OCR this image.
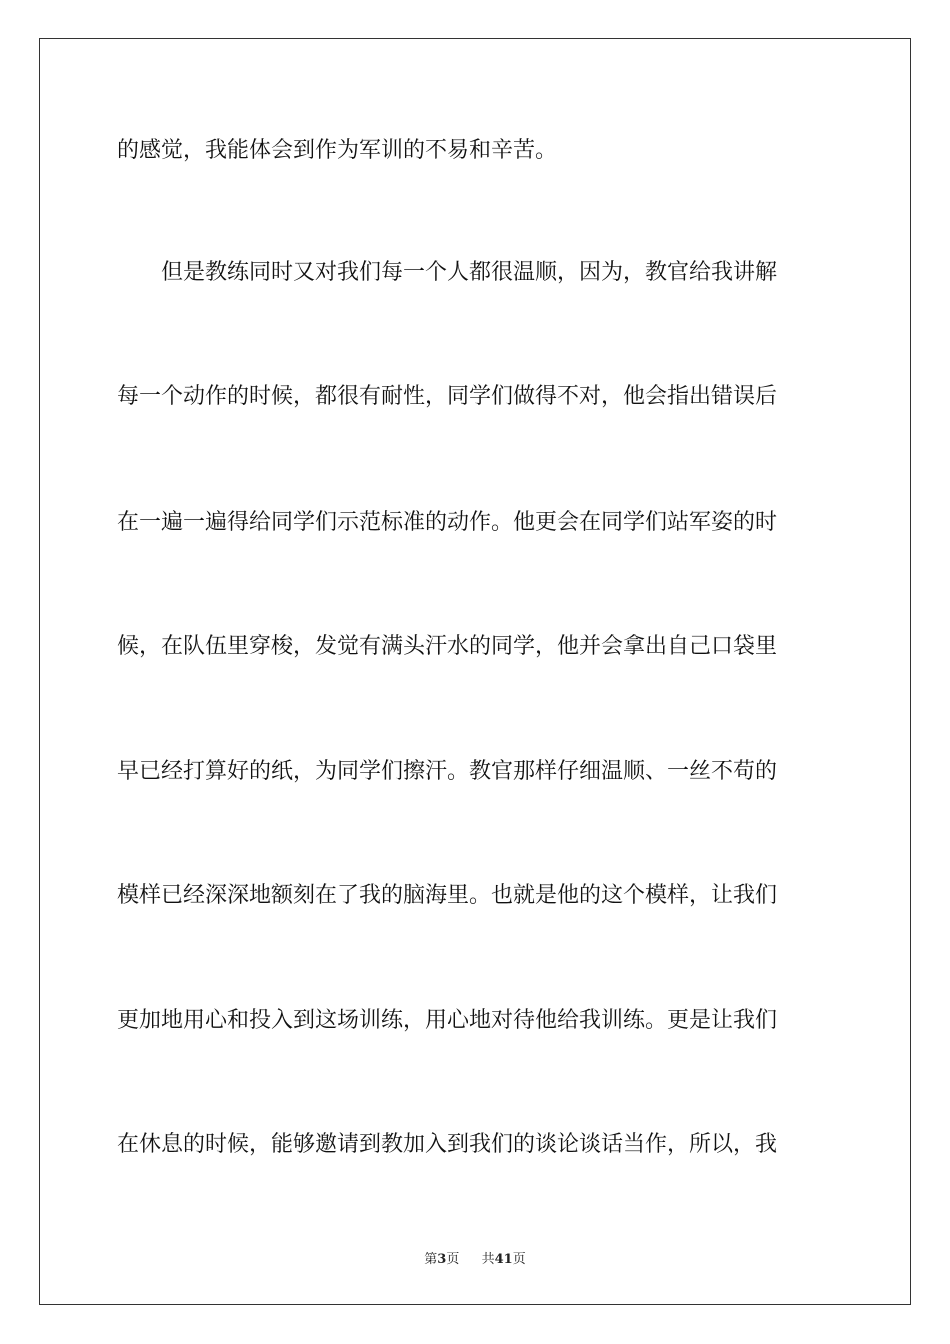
的感觉，我能体会到作为军训的不易和辛苦。
　　但是教练同时又对我们每一个人都很温顺，因为，教官给我讲解
每一个动作的时候，都很有耐性，同学们做得不对，他会指出错误后
在一遍一遍得给同学们示范标准的动作。他更会在同学们站军姿的时
候，在队伍里穿梭，发觉有满头汗水的同学，他并会拿出自己口袋里
早已经打算好的纸，为同学们擦汗。教官那样仔细温顺、一丝不苟的
模样已经深深地额刻在了我的脑海里。也就是他的这个模样，让我们
更加地用心和投入到这场训练，用心地对待他给我训练。更是让我们
在休息的时候，能够邀请到教加入到我们的谈论谈话当作，所以，我
第3页 共41页
